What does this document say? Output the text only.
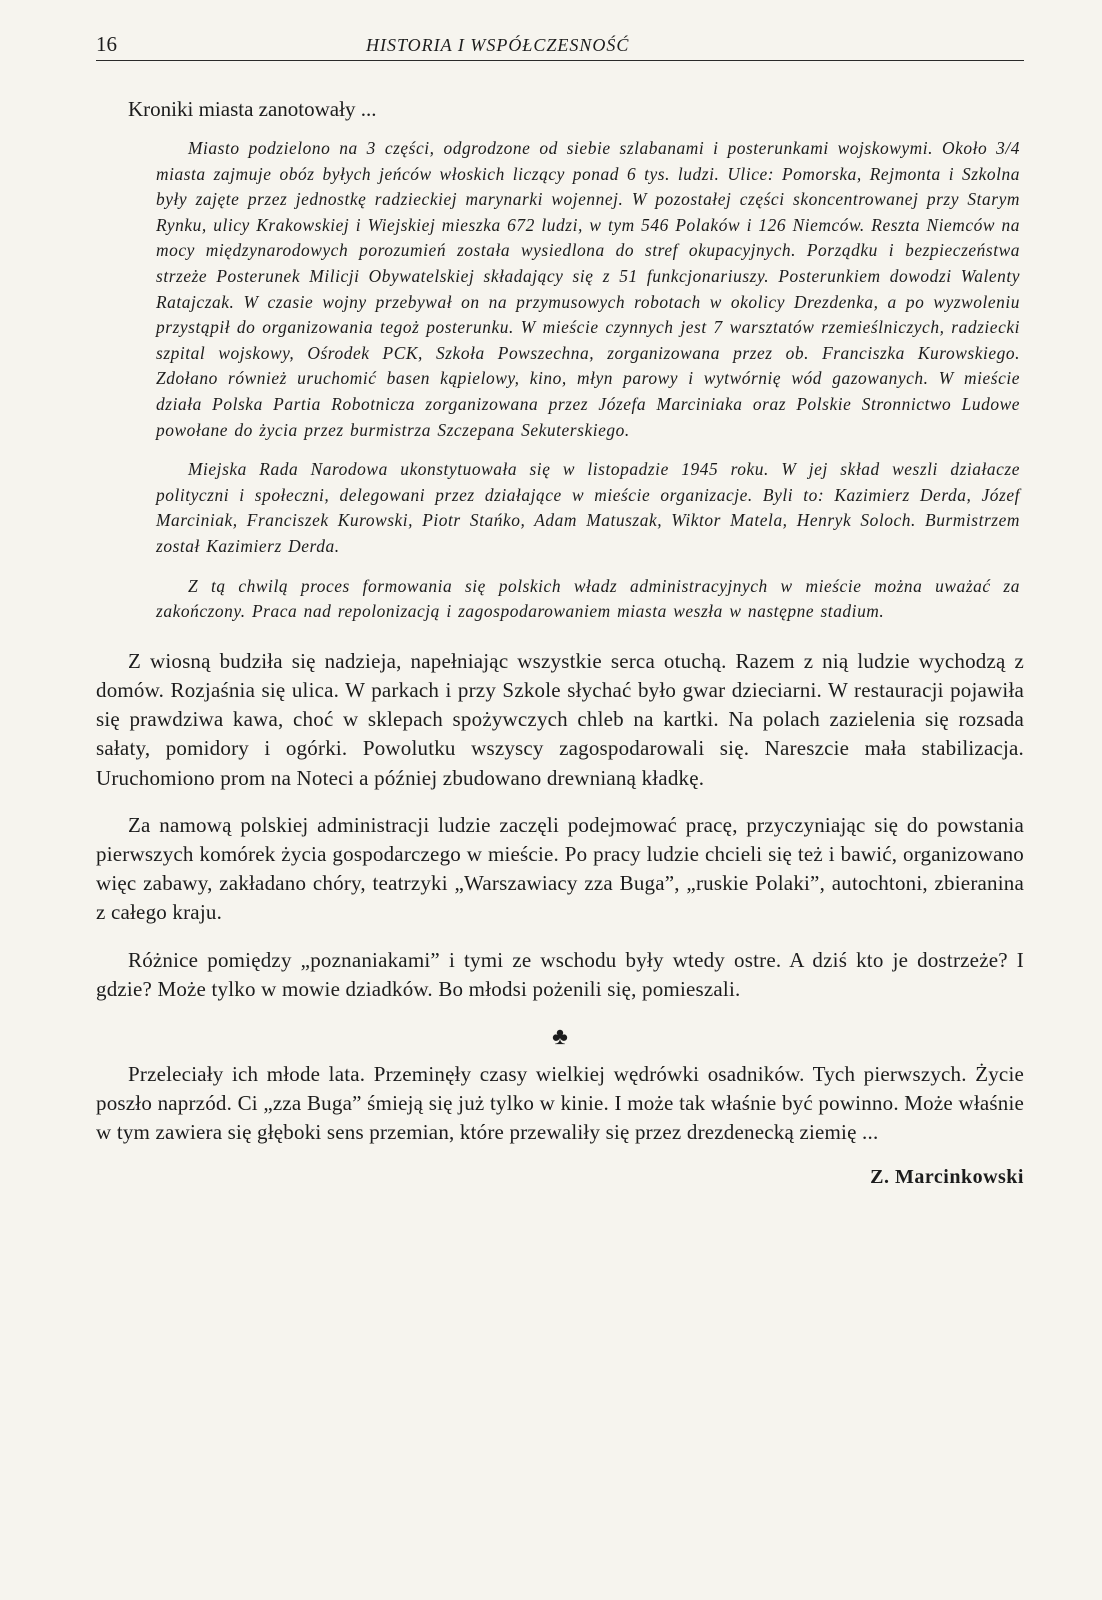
16	HISTORIA I WSPÓŁCZESNOŚĆ
Kroniki miasta zanotowały ...

Miasto podzielono na 3 części, odgrodzone od siebie szlabanami i posterunkami wojskowymi. Około 3/4 miasta zajmuje obóz byłych jeńców włoskich liczący ponad 6 tys. ludzi. Ulice: Pomorska, Rejmonta i Szkolna były zajęte przez jednostkę radzieckiej marynarki wojennej. W pozostałej części skoncentrowanej przy Starym Rynku, ulicy Krakowskiej i Wiejskiej mieszka 672 ludzi, w tym 546 Polaków i 126 Niemców. Reszta Niemców na mocy międzynarodowych porozumień została wysiedlona do stref okupacyjnych. Porządku i bezpieczeństwa strzeże Posterunek Milicji Obywatelskiej składający się z 51 funkcjonariuszy. Posterunkiem dowodzi Walenty Ratajczak. W czasie wojny przebywał on na przymusowych robotach w okolicy Drezdenka, a po wyzwoleniu przystąpił do organizowania tegoż posterunku. W mieście czynnych jest 7 warsztatów rzemieślniczych, radziecki szpital wojskowy, Ośrodek PCK, Szkoła Powszechna, zorganizowana przez ob. Franciszka Kurowskiego. Zdołano również uruchomić basen kąpielowy, kino, młyn parowy i wytwórnię wód gazowanych. W mieście działa Polska Partia Robotnicza zorganizowana przez Józefa Marciniaka oraz Polskie Stronnictwo Ludowe powołane do życia przez burmistrza Szczepana Sekuterskiego.

Miejska Rada Narodowa ukonstytuowała się w listopadzie 1945 roku. W jej skład weszli działacze polityczni i społeczni, delegowani przez działające w mieście organizacje. Byli to: Kazimierz Derda, Józef Marciniak, Franciszek Kurowski, Piotr Stańko, Adam Matuszak, Wiktor Matela, Henryk Soloch. Burmistrzem został Kazimierz Derda.

Z tą chwilą proces formowania się polskich władz administracyjnych w mieście można uważać za zakończony. Praca nad repolonizacją i zagospodarowaniem miasta weszła w następne stadium.

Z wiosną budziła się nadzieja, napełniając wszystkie serca otuchą. Razem z nią ludzie wychodzą z domów. Rozjaśnia się ulica. W parkach i przy Szkole słychać było gwar dzieciarni. W restauracji pojawiła się prawdziwa kawa, choć w sklepach spożywczych chleb na kartki. Na polach zazielenia się rozsada sałaty, pomidory i ogórki. Powolutku wszyscy zagospodarowali się. Nareszcie mała stabilizacja. Uruchomiono prom na Noteci a później zbudowano drewnianą kładkę.

Za namową polskiej administracji ludzie zaczęli podejmować pracę, przyczyniając się do powstania pierwszych komórek życia gospodarczego w mieście. Po pracy ludzie chcieli się też i bawić, organizowano więc zabawy, zakładano chóry, teatrzyki „Warszawiacy zza Buga”, „ruskie Polaki”, autochtoni, zbieranina z całego kraju.

Różnice pomiędzy „poznaniakami” i tymi ze wschodu były wtedy ostre. A dziś kto je dostrzeże? I gdzie? Może tylko w mowie dziadków. Bo młodsi pożenili się, pomieszali.

♣

Przeleciały ich młode lata. Przeminęły czasy wielkiej wędrówki osadników. Tych pierwszych. Życie poszło naprzód. Ci „zza Buga” śmieją się już tylko w kinie. I może tak właśnie być powinno. Może właśnie w tym zawiera się głęboki sens przemian, które przewaliły się przez drezdenecką ziemię ...

Z. Marcinkowski
